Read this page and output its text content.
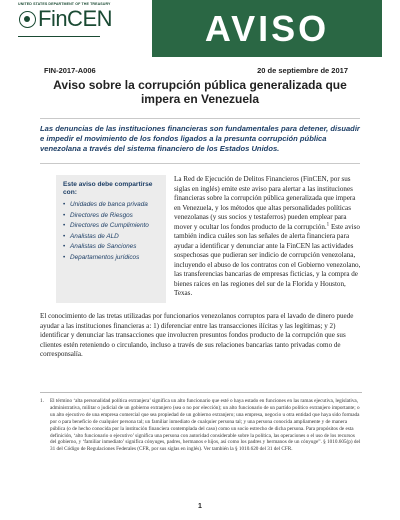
UNITED STATES DEPARTMENT OF THE TREASURY
FinCEN	AVISO
FIN-2017-A006	20 de septiembre de 2017
Aviso sobre la corrupción pública generalizada que impera en Venezuela
Las denuncias de las instituciones financieras son fundamentales para detener, disuadir e impedir el movimiento de los fondos ligados a la presunta corrupción pública venezolana a través del sistema financiero de los Estados Unidos.
Este aviso debe compartirse con:
• Unidades de banca privada
• Directores de Riesgos
• Directores de Cumplimiento
• Analistas de ALD
• Analistas de Sanciones
• Departamentos jurídicos
La Red de Ejecución de Delitos Financieros (FinCEN, por sus siglas en inglés) emite este aviso para alertar a las instituciones financieras sobre la corrupción pública generalizada que impera en Venezuela, y los métodos que altas personalidades políticas venezolanas (y sus socios y testaferros) pueden emplear para mover y ocultar los fondos producto de la corrupción.$^1$ Este aviso también indica cuáles son las señales de alerta financiera para ayudar a identificar y denunciar ante la FinCEN las actividades sospechosas que pudieran ser indicio de corrupción venezolana, incluyendo el abuso de los contratos con el Gobierno venezolano, las transferencias bancarias de empresas ficticias, y la compra de bienes raíces en las regiones del sur de la Florida y Houston, Texas.
El conocimiento de las tretas utilizadas por funcionarios venezolanos corruptos para el lavado de dinero puede ayudar a las instituciones financieras a: 1) diferenciar entre las transacciones ilícitas y las legítimas; y 2) identificar y denunciar las transacciones que involucren presuntos fondos producto de la corrupción que sus clientes estén reteniendo o circulando, incluso a través de sus relaciones bancarias tanto privadas como de corresponsalía.
1.	El término ‘alta personalidad política extranjera’ significa un alto funcionario que esté o haya estado en funciones en las ramas ejecutiva, legislativa, administrativa, militar o judicial de un gobierno extranjero (sea o no por elección); un alto funcionario de un partido político extranjero importante; o un alto ejecutivo de una empresa comercial que sea propiedad de un gobierno extranjero; una empresa, negocio u otra entidad que haya sido formada por o para beneficio de cualquier persona tal; un familiar inmediato de cualquier persona tal; y una persona conocida ampliamente y de manera pública (o de hecho conocida por la institución financiera contemplada del caso) como un socio estrecho de dicha persona. Para propósitos de esta definición, ‘alto funcionario o ejecutivo’ significa una persona con autoridad considerable sobre la política, las operaciones o el uso de los recursos del gobierno, y ‘familiar inmediato’ significa cónyuges, padres, hermanos e hijos, así como los padres y hermanos de un cónyuge”. § 1010.605(p) del 31 del Código de Regulaciones Federales (CFR, por sus siglas en inglés). Ver también la § 1010.620 del 31 del CFR.
1
